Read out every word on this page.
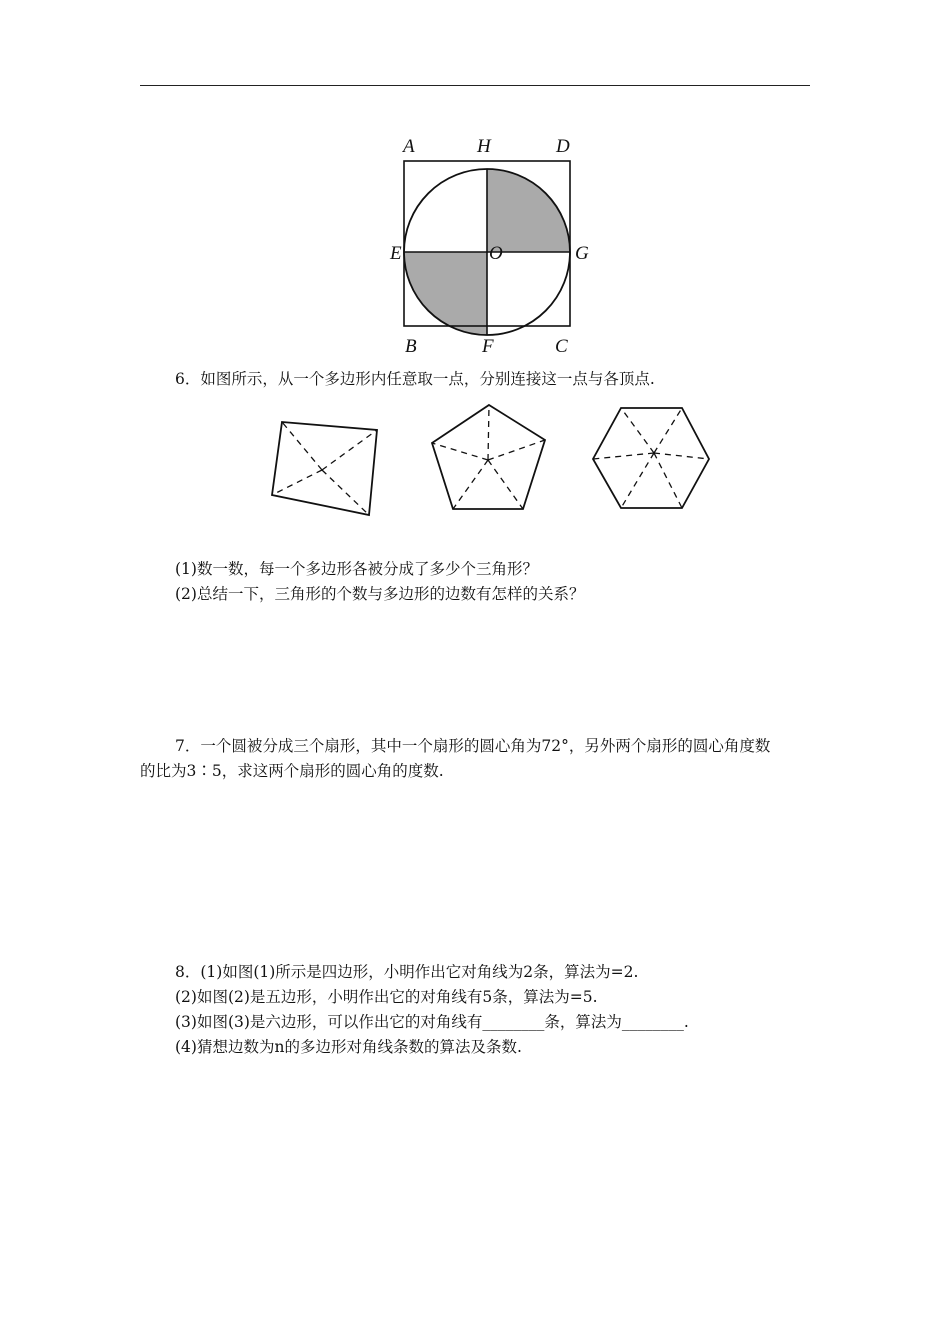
A	H	D
E	O	G
B	F	C

6．如图所示，从一个多边形内任意取一点，分别连接这一点与各顶点.

(1)数一数，每一个多边形各被分成了多少个三角形？
(2)总结一下，三角形的个数与多边形的边数有怎样的关系？

7．一个圆被分成三个扇形，其中一个扇形的圆心角为72°，另外两个扇形的圆心角度数
的比为3∶5，求这两个扇形的圆心角的度数.

8．(1)如图(1)所示是四边形，小明作出它对角线为2条，算法为=2.
(2)如图(2)是五边形，小明作出它的对角线有5条，算法为=5.
(3)如图(3)是六边形，可以作出它的对角线有________条，算法为________.
(4)猜想边数为n的多边形对角线条数的算法及条数.
